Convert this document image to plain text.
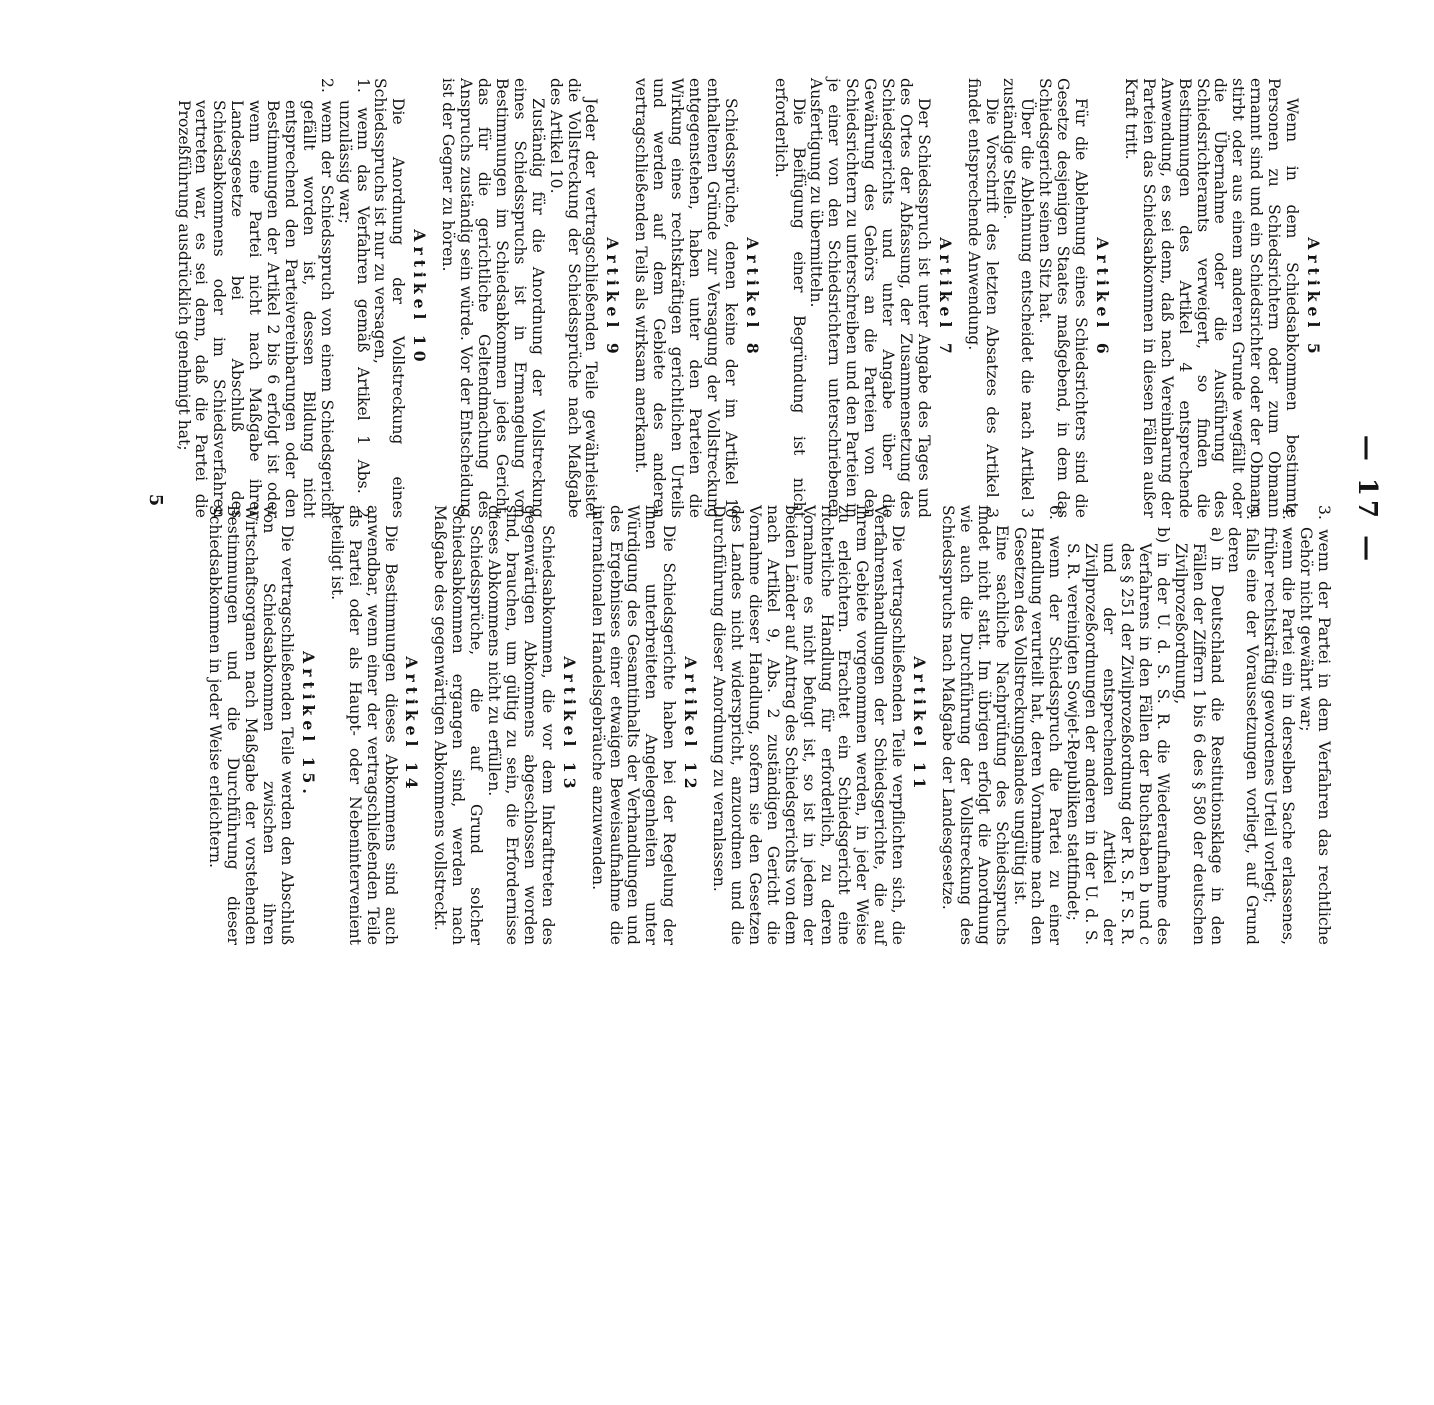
— 17 —
Artikel 5
Wenn in dem Schiedsabkommen bestimmte Personen zu Schiedsrichtern oder zum Obmann ernannt sind und ein Schiedsrichter oder der Obmann stirbt oder aus einem anderen Grunde wegfällt oder die Übernahme oder die Ausführung des Schiedsrichteramts verweigert, so finden die Bestimmungen des Artikel 4 entsprechende Anwendung, es sei denn, daß nach Vereinbarung der Parteien das Schiedsabkommen in diesen Fällen außer Kraft tritt.
Artikel 6
Für die Ablehnung eines Schiedsrichters sind die Gesetze desjenigen Staates maßgebend, in dem das Schiedsgericht seinen Sitz hat.
Über die Ablehnung entscheidet die nach Artikel 3 zuständige Stelle.
Die Vorschrift des letzten Absatzes des Artikel 3 findet entsprechende Anwendung.
Artikel 7
Der Schiedsspruch ist unter Angabe des Tages und des Ortes der Abfassung, der Zusammensetzung des Schiedsgerichts und unter Angabe über die Gewährung des Gehörs an die Parteien von den Schiedsrichtern zu unterschreiben und den Parteien in je einer von den Schiedsrichtern unterschriebenen Ausfertigung zu übermitteln.
Die Beifügung einer Begründung ist nicht erforderlich.
Artikel 8
Schiedssprüche, denen keine der im Artikel 10 enthaltenen Gründe zur Versagung der Vollstreckung entgegenstehen, haben unter den Parteien die Wirkung eines rechtskräftigen gerichtlichen Urteils und werden auf dem Gebiete des anderen vertragschließenden Teils als wirksam anerkannt.
Artikel 9
Jeder der vertragschließenden Teile gewährleistet die Vollstreckung der Schiedssprüche nach Maßgabe des Artikel 10.
Zuständig für die Anordnung der Vollstreckung eines Schiedsspruchs ist in Ermangelung von Bestimmungen im Schiedsabkommen jedes Gericht, das für die gerichtliche Geltendmachung des Anspruchs zuständig sein würde. Vor der Entscheidung ist der Gegner zu hören.
Artikel 10
Die Anordnung der Vollstreckung eines Schiedsspruchs ist nur zu versagen,
1. wenn das Verfahren gemäß Artikel 1 Abs. 2 unzulässig war;
2. wenn der Schiedsspruch von einem Schiedsgericht gefällt worden ist, dessen Bildung nicht entsprechend den Parteivereinbarungen oder den Bestimmungen der Artikel 2 bis 6 erfolgt ist oder wenn eine Partei nicht nach Maßgabe ihrer Landesgesetze bei Abschluß des Schiedsabkommens oder im Schiedsverfahren vertreten war, es sei denn, daß die Partei die Prozeßführung ausdrücklich genehmigt hat;
3. wenn der Partei in dem Verfahren das rechtliche Gehör nicht gewährt war;
4. wenn die Partei ein in derselben Sache erlassenes, früher rechtskräftig gewordenes Urteil vorlegt;
5. falls eine der Voraussetzungen vorliegt, auf Grund deren
a) in Deutschland die Restitutionsklage in den Fällen der Ziffern 1 bis 6 des § 580 der deutschen Zivilprozeßordnung,
b) in der U. d. S. S. R. die Wiederaufnahme des Verfahrens in den Fällen der Buchstaben b und c des § 251 der Zivilprozeßordnung der R. S. F. S. R. und der entsprechenden Artikel der Zivilprozeßordnungen der anderen in der U. d. S. S. R. vereinigten Sowjet-Republiken stattfindet;
6. wenn der Schiedsspruch die Partei zu einer Handlung verurteilt hat, deren Vornahme nach den Gesetzen des Vollstreckungslandes ungültig ist.
Eine sachliche Nachprüfung des Schiedsspruchs findet nicht statt. Im übrigen erfolgt die Anordnung wie auch die Durchführung der Vollstreckung des Schiedsspruchs nach Maßgabe der Landesgesetze.
Artikel 11
Die vertragschließenden Teile verpflichten sich, die Verfahrenshandlungen der Schiedsgerichte, die auf ihrem Gebiete vorgenommen werden, in jeder Weise zu erleichtern. Erachtet ein Schiedsgericht eine richterliche Handlung für erforderlich, zu deren Vornahme es nicht befugt ist, so ist in jedem der beiden Länder auf Antrag des Schiedsgerichts von dem nach Artikel 9, Abs. 2 zuständigen Gericht die Vornahme dieser Handlung, sofern sie den Gesetzen des Landes nicht widerspricht, anzuordnen und die Durchführung dieser Anordnung zu veranlassen.
Artikel 12
Die Schiedsgerichte haben bei der Regelung der ihnen unterbreiteten Angelegenheiten unter Würdigung des Gesamtinhalts der Verhandlungen und des Ergebnisses einer etwaigen Beweisaufnahme die internationalen Handelsgebräuche anzuwenden.
Artikel 13
Schiedsabkommen, die vor dem Inkrafttreten des gegenwärtigen Abkommens abgeschlossen worden sind, brauchen, um gültig zu sein, die Erfordernisse dieses Abkommens nicht zu erfüllen.
Schiedssprüche, die auf Grund solcher Schiedsabkommen ergangen sind, werden nach Maßgabe des gegenwärtigen Abkommens vollstreckt.
Artikel 14
Die Bestimmungen dieses Abkommens sind auch anwendbar, wenn einer der vertragschließenden Teile als Partei oder als Haupt- oder Nebenintervenient beteiligt ist.
Artikel 15.
Die vertragschließenden Teile werden den Abschluß von Schiedsabkommen zwischen ihren Wirtschaftsorganen nach Maßgabe der vorstehenden Bestimmungen und die Durchführung dieser Schiedsabkommen in jeder Weise erleichtern.
5
